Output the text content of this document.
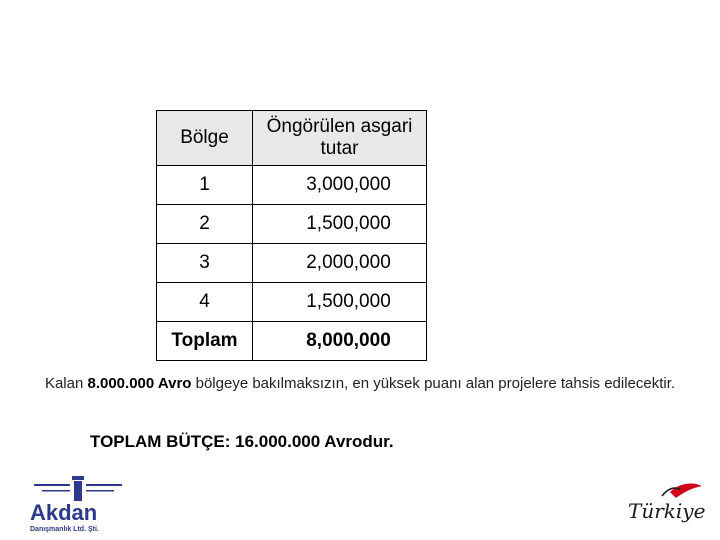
Bölge	Öngörülen asgari tutar
1	3,000,000
2	1,500,000
3	2,000,000
4	1,500,000
Toplam	8,000,000
Kalan 8.000.000 Avro bölgeye bakılmaksızın, en yüksek puanı alan projelere tahsis edilecektir.
TOPLAM BÜTÇE: 16.000.000 Avrodur.
Akdan
Danışmanlık Ltd. Şti.
Türkiye
